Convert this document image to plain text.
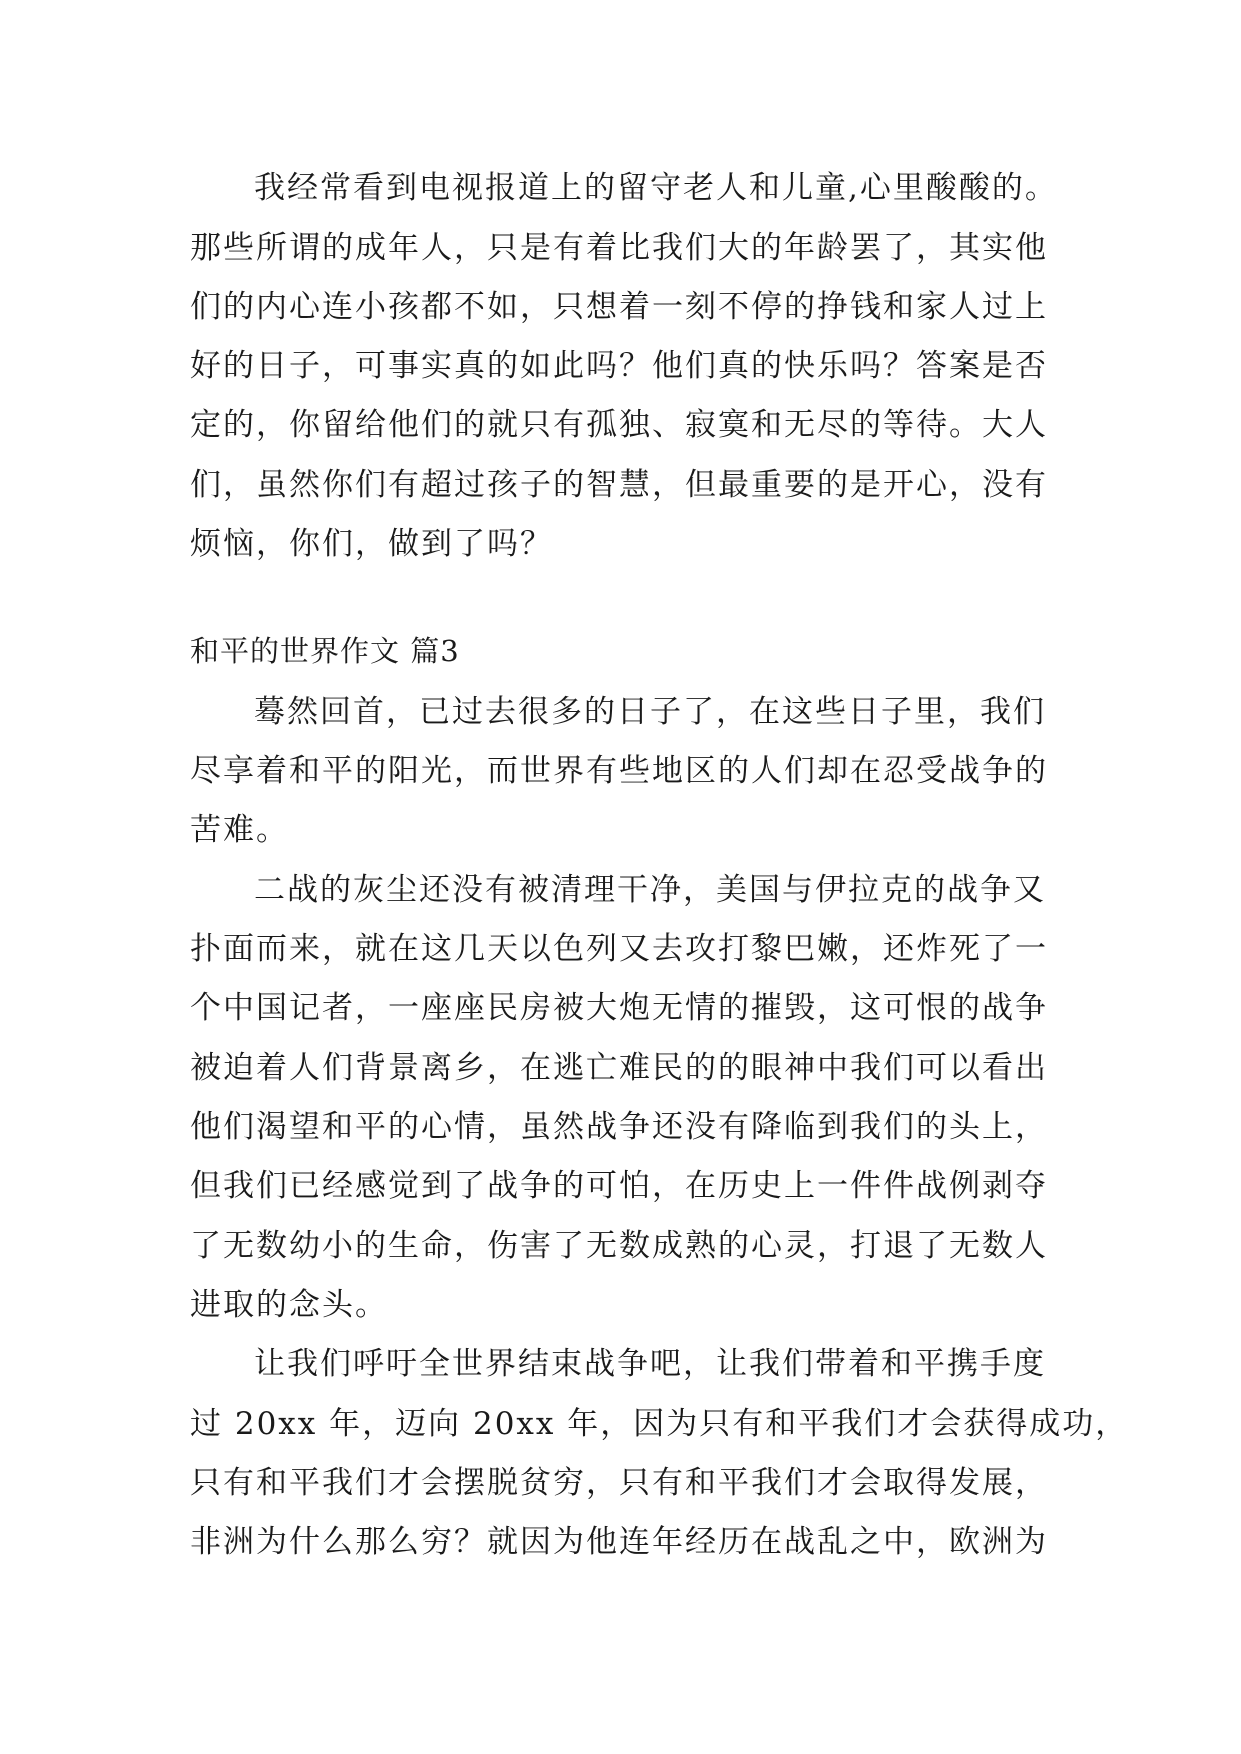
我经常看到电视报道上的留守老人和儿童,心里酸酸的。
那些所谓的成年人，只是有着比我们大的年龄罢了，其实他
们的内心连小孩都不如，只想着一刻不停的挣钱和家人过上
好的日子，可事实真的如此吗？他们真的快乐吗？答案是否
定的，你留给他们的就只有孤独、寂寞和无尽的等待。大人
们，虽然你们有超过孩子的智慧，但最重要的是开心，没有
烦恼，你们，做到了吗？
和平的世界作文 篇3
蓦然回首，已过去很多的日子了，在这些日子里，我们
尽享着和平的阳光，而世界有些地区的人们却在忍受战争的
苦难。
二战的灰尘还没有被清理干净，美国与伊拉克的战争又
扑面而来，就在这几天以色列又去攻打黎巴嫩，还炸死了一
个中国记者，一座座民房被大炮无情的摧毁，这可恨的战争
被迫着人们背景离乡，在逃亡难民的的眼神中我们可以看出
他们渴望和平的心情，虽然战争还没有降临到我们的头上，
但我们已经感觉到了战争的可怕，在历史上一件件战例剥夺
了无数幼小的生命，伤害了无数成熟的心灵，打退了无数人
进取的念头。
让我们呼吁全世界结束战争吧，让我们带着和平携手度
过 20xx 年，迈向 20xx 年，因为只有和平我们才会获得成功，
只有和平我们才会摆脱贫穷，只有和平我们才会取得发展，
非洲为什么那么穷？就因为他连年经历在战乱之中，欧洲为
